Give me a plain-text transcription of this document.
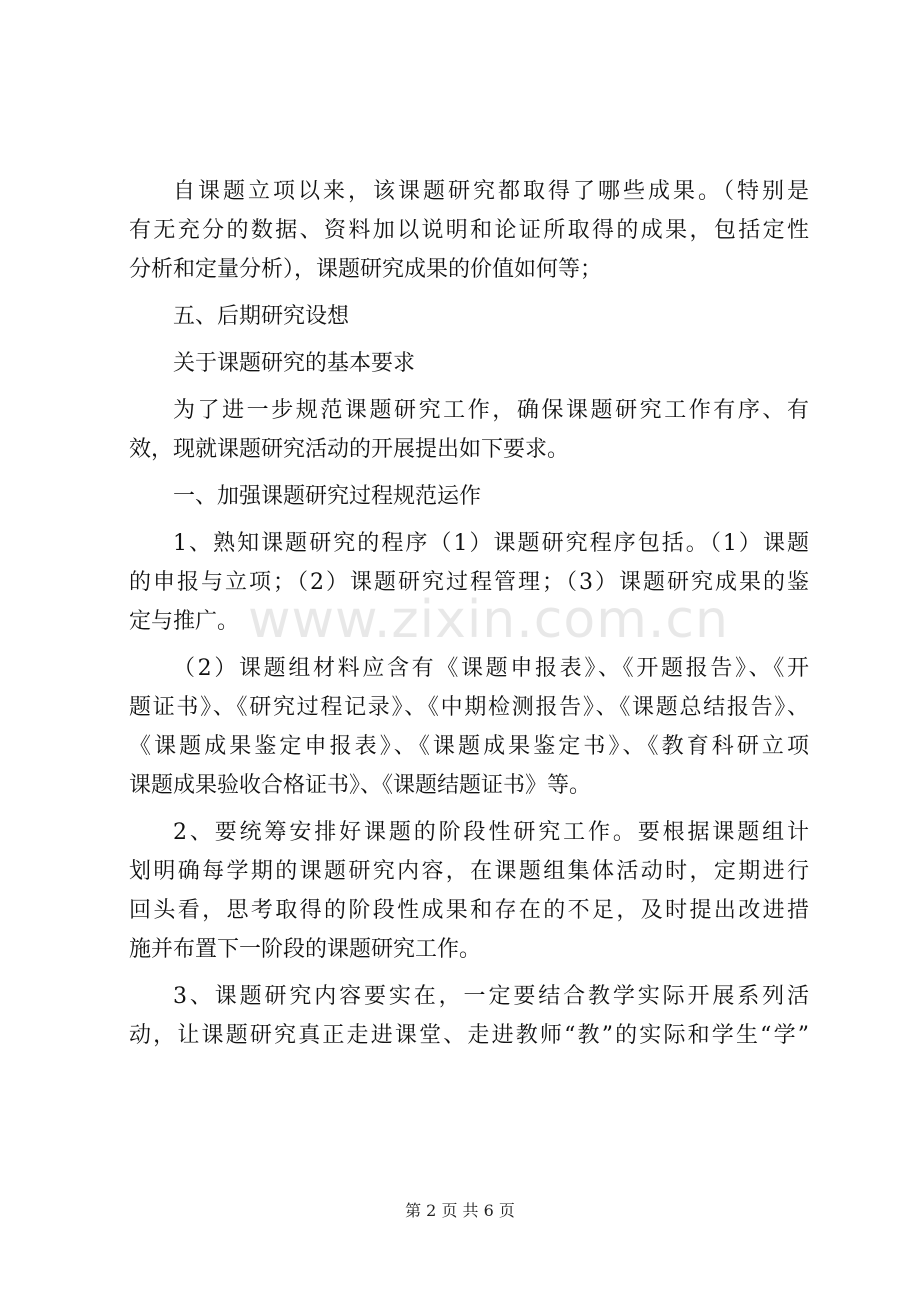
自课题立项以来，该课题研究都取得了哪些成果。（特别是
有无充分的数据、资料加以说明和论证所取得的成果，包括定性
分析和定量分析），课题研究成果的价值如何等；
五、后期研究设想
关于课题研究的基本要求
为了进一步规范课题研究工作，确保课题研究工作有序、有
效，现就课题研究活动的开展提出如下要求。
一、加强课题研究过程规范运作
1、熟知课题研究的程序（1）课题研究程序包括。（1）课题
的申报与立项；（2）课题研究过程管理；（3）课题研究成果的鉴
定与推广。
（2）课题组材料应含有《课题申报表》、《开题报告》、《开
题证书》、《研究过程记录》、《中期检测报告》、《课题总结报告》、
《课题成果鉴定申报表》、《课题成果鉴定书》、《教育科研立项
课题成果验收合格证书》、《课题结题证书》等。
2、要统筹安排好课题的阶段性研究工作。要根据课题组计
划明确每学期的课题研究内容，在课题组集体活动时，定期进行
回头看，思考取得的阶段性成果和存在的不足，及时提出改进措
施并布置下一阶段的课题研究工作。
3、课题研究内容要实在，一定要结合教学实际开展系列活
动，让课题研究真正走进课堂、走进教师“教”的实际和学生“学”
www.zixin.com.cn
第 2 页 共 6 页
